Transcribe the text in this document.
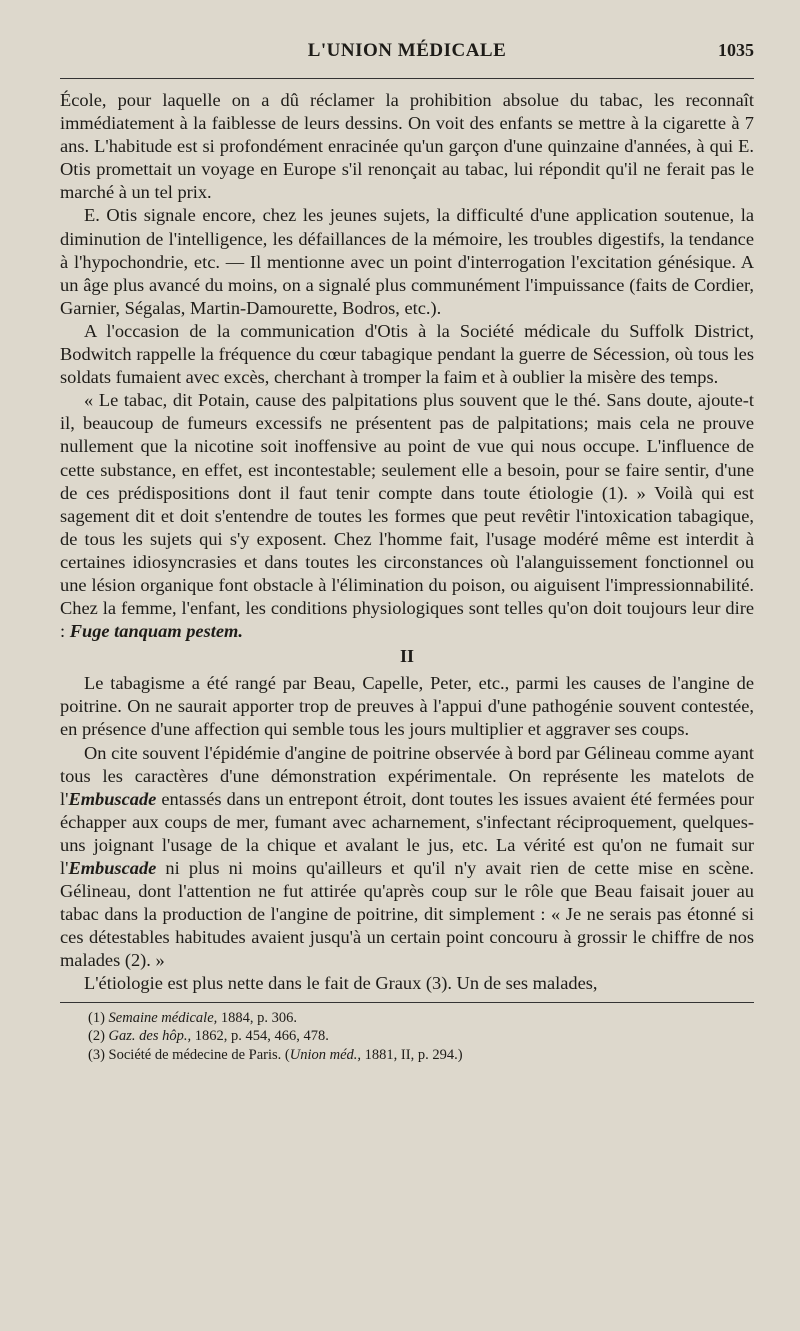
L'UNION MÉDICALE	1035

École, pour laquelle on a dû réclamer la prohibition absolue du tabac, les reconnaît immédiatement à la faiblesse de leurs dessins. On voit des enfants se mettre à la cigarette à 7 ans. L'habitude est si profondément enracinée qu'un garçon d'une quinzaine d'années, à qui E. Otis promettait un voyage en Europe s'il renonçait au tabac, lui répondit qu'il ne ferait pas le marché à un tel prix.

E. Otis signale encore, chez les jeunes sujets, la difficulté d'une application soutenue, la diminution de l'intelligence, les défaillances de la mémoire, les troubles digestifs, la tendance à l'hypochondrie, etc. — Il mentionne avec un point d'interrogation l'excitation génésique. A un âge plus avancé du moins, on a signalé plus communément l'impuissance (faits de Cordier, Garnier, Ségalas, Martin-Damourette, Bodros, etc.).

A l'occasion de la communication d'Otis à la Société médicale du Suffolk District, Bodwitch rappelle la fréquence du cœur tabagique pendant la guerre de Sécession, où tous les soldats fumaient avec excès, cherchant à tromper la faim et à oublier la misère des temps.

« Le tabac, dit Potain, cause des palpitations plus souvent que le thé. Sans doute, ajoute-t il, beaucoup de fumeurs excessifs ne présentent pas de palpitations; mais cela ne prouve nullement que la nicotine soit inoffensive au point de vue qui nous occupe. L'influence de cette substance, en effet, est incontestable; seulement elle a besoin, pour se faire sentir, d'une de ces prédispositions dont il faut tenir compte dans toute étiologie (1). » Voilà qui est sagement dit et doit s'entendre de toutes les formes que peut revêtir l'intoxication tabagique, de tous les sujets qui s'y exposent. Chez l'homme fait, l'usage modéré même est interdit à certaines idiosyncrasies et dans toutes les circonstances où l'alanguissement fonctionnel ou une lésion organique font obstacle à l'élimination du poison, ou aiguisent l'impressionnabilité. Chez la femme, l'enfant, les conditions physiologiques sont telles qu'on doit toujours leur dire : Fuge tanquam pestem.

II

Le tabagisme a été rangé par Beau, Capelle, Peter, etc., parmi les causes de l'angine de poitrine. On ne saurait apporter trop de preuves à l'appui d'une pathogénie souvent contestée, en présence d'une affection qui semble tous les jours multiplier et aggraver ses coups.

On cite souvent l'épidémie d'angine de poitrine observée à bord par Gélineau comme ayant tous les caractères d'une démonstration expérimentale. On représente les matelots de l'Embuscade entassés dans un entrepont étroit, dont toutes les issues avaient été fermées pour échapper aux coups de mer, fumant avec acharnement, s'infectant réciproquement, quelques-uns joignant l'usage de la chique et avalant le jus, etc. La vérité est qu'on ne fumait sur l'Embuscade ni plus ni moins qu'ailleurs et qu'il n'y avait rien de cette mise en scène. Gélineau, dont l'attention ne fut attirée qu'après coup sur le rôle que Beau faisait jouer au tabac dans la production de l'angine de poitrine, dit simplement : « Je ne serais pas étonné si ces détestables habitudes avaient jusqu'à un certain point concouru à grossir le chiffre de nos malades (2). »

L'étiologie est plus nette dans le fait de Graux (3). Un de ses malades,

(1) Semaine médicale, 1884, p. 306.

(2) Gaz. des hôp., 1862, p. 454, 466, 478.

(3) Société de médecine de Paris. (Union méd., 1881, II, p. 294.)
